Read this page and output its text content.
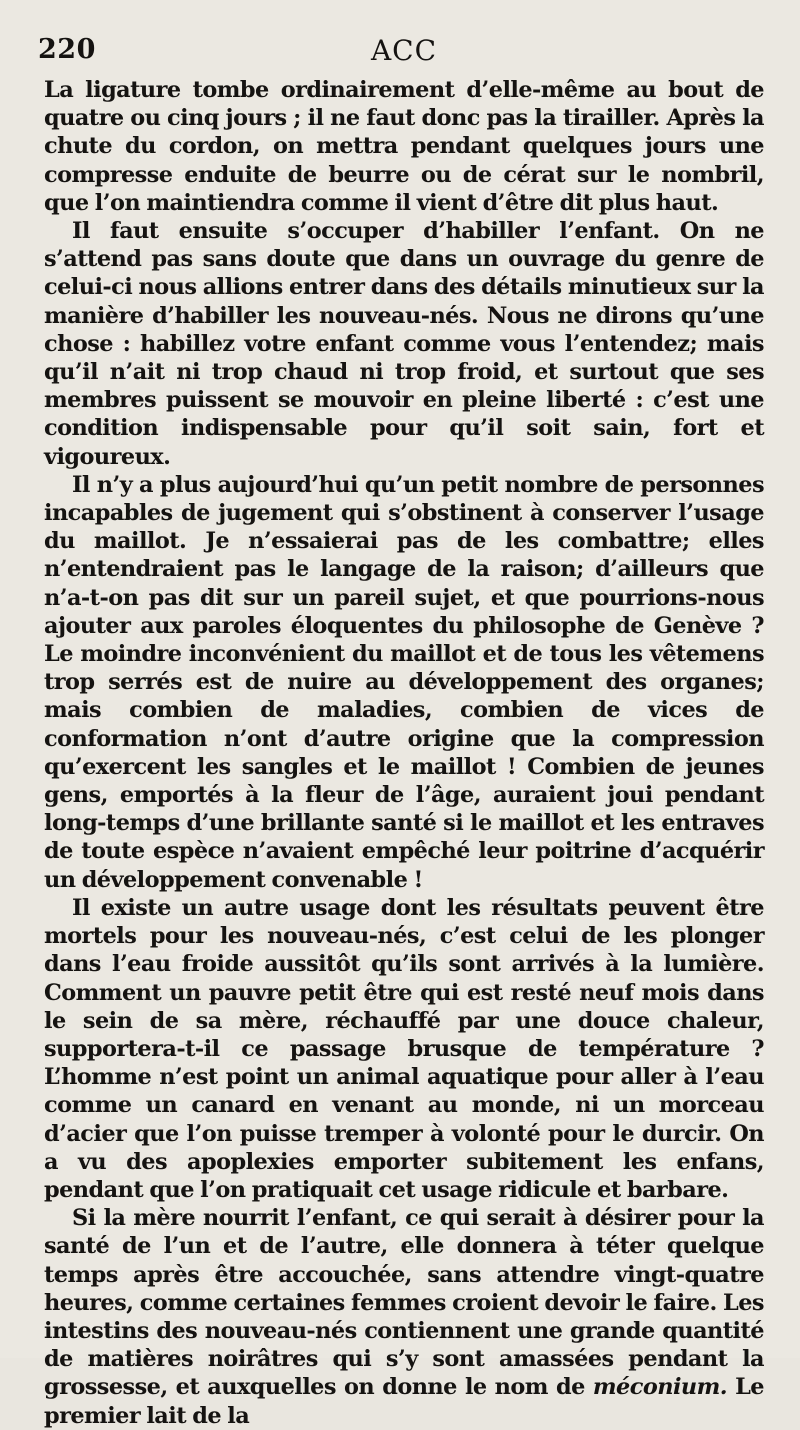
220	ACC

La ligature tombe ordinairement d’elle-même au bout de quatre ou cinq jours ; il ne faut donc pas la tirailler. Après la chute du cordon, on mettra pendant quelques jours une compresse enduite de beurre ou de cérat sur le nombril, que l’on maintiendra comme il vient d’être dit plus haut.

Il faut ensuite s’occuper d’habiller l’enfant. On ne s’attend pas sans doute que dans un ouvrage du genre de celui-ci nous allions entrer dans des détails minutieux sur la manière d’habiller les nouveau-nés. Nous ne dirons qu’une chose : habillez votre enfant comme vous l’entendez; mais qu’il n’ait ni trop chaud ni trop froid, et surtout que ses membres puissent se mouvoir en pleine liberté : c’est une condition indispensable pour qu’il soit sain, fort et vigoureux.

Il n’y a plus aujourd’hui qu’un petit nombre de personnes incapables de jugement qui s’obstinent à conserver l’usage du maillot. Je n’essaierai pas de les combattre; elles n’entendraient pas le langage de la raison; d’ailleurs que n’a-t-on pas dit sur un pareil sujet, et que pourrions-nous ajouter aux paroles éloquentes du philosophe de Genève ? Le moindre inconvénient du maillot et de tous les vêtemens trop serrés est de nuire au développement des organes; mais combien de maladies, combien de vices de conformation n’ont d’autre origine que la compression qu’exercent les sangles et le maillot ! Combien de jeunes gens, emportés à la fleur de l’âge, auraient joui pendant long-temps d’une brillante santé si le maillot et les entraves de toute espèce n’avaient empêché leur poitrine d’acquérir un développement convenable !

Il existe un autre usage dont les résultats peuvent être mortels pour les nouveau-nés, c’est celui de les plonger dans l’eau froide aussitôt qu’ils sont arrivés à la lumière. Comment un pauvre petit être qui est resté neuf mois dans le sein de sa mère, réchauffé par une douce chaleur, supportera-t-il ce passage brusque de température ? L’homme n’est point un animal aquatique pour aller à l’eau comme un canard en venant au monde, ni un morceau d’acier que l’on puisse tremper à volonté pour le durcir. On a vu des apoplexies emporter subitement les enfans, pendant que l’on pratiquait cet usage ridicule et barbare.

Si la mère nourrit l’enfant, ce qui serait à désirer pour la santé de l’un et de l’autre, elle donnera à téter quelque temps après être accouchée, sans attendre vingt-quatre heures, comme certaines femmes croient devoir le faire. Les intestins des nouveau-nés contiennent une grande quantité de matières noirâtres qui s’y sont amassées pendant la grossesse, et auxquelles on donne le nom de méconium. Le premier lait de la
